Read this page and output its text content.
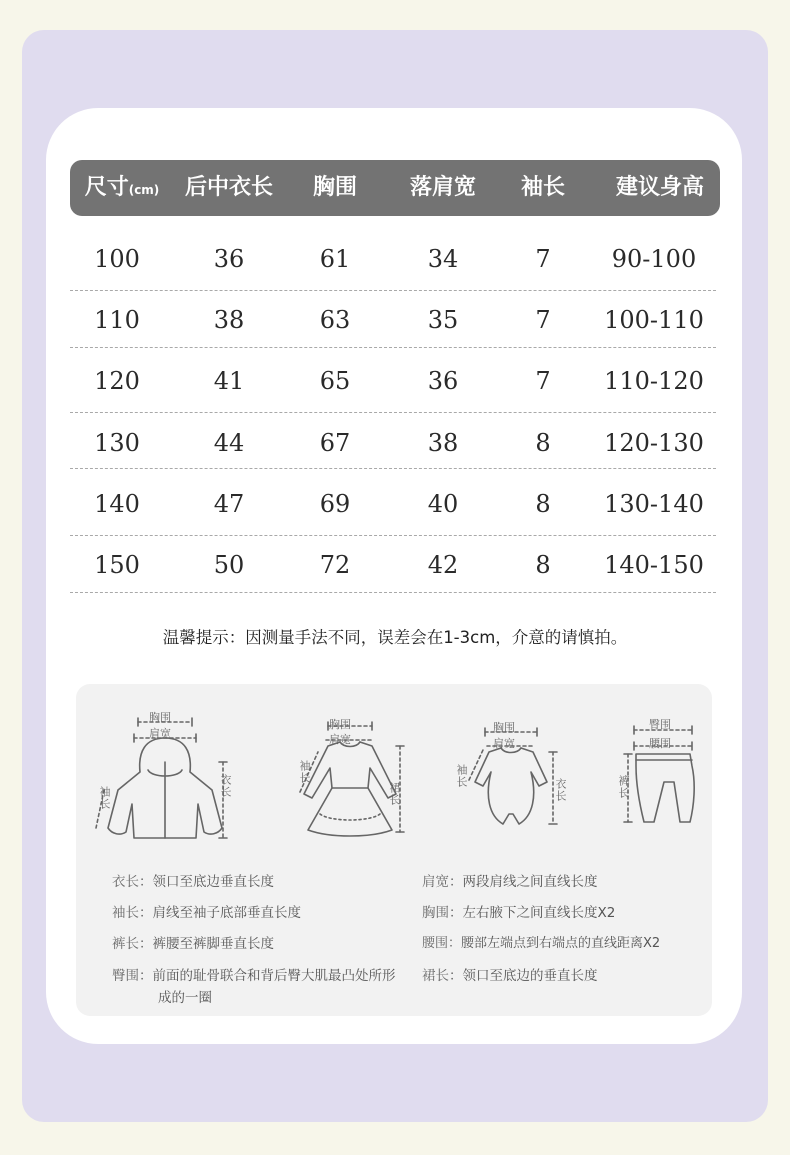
尺寸(cm)	后中衣长	胸围	落肩宽	袖长	建议身高
100	36	61	34	7	90-100
110	38	63	35	7	100-110
120	41	65	36	7	110-120
130	44	67	38	8	120-130
140	47	69	40	8	130-140
150	50	72	42	8	140-150
温馨提示：因测量手法不同，误差会在1-3cm，介意的请慎拍。
胸围
肩宽
袖长	衣长
胸围
肩宽
袖长
裙长
胸围
肩宽
袖长
衣长
臀围
腰围
裤长
衣长：领口至底边垂直长度
袖长：肩线至袖子底部垂直长度
裤长：裤腰至裤脚垂直长度
臀围：前面的耻骨联合和背后臀大肌最凸处所形成的一圈
肩宽：两段肩线之间直线长度
胸围：左右腋下之间直线长度X2
腰围：腰部左端点到右端点的直线距离X2
裙长：领口至底边的垂直长度
